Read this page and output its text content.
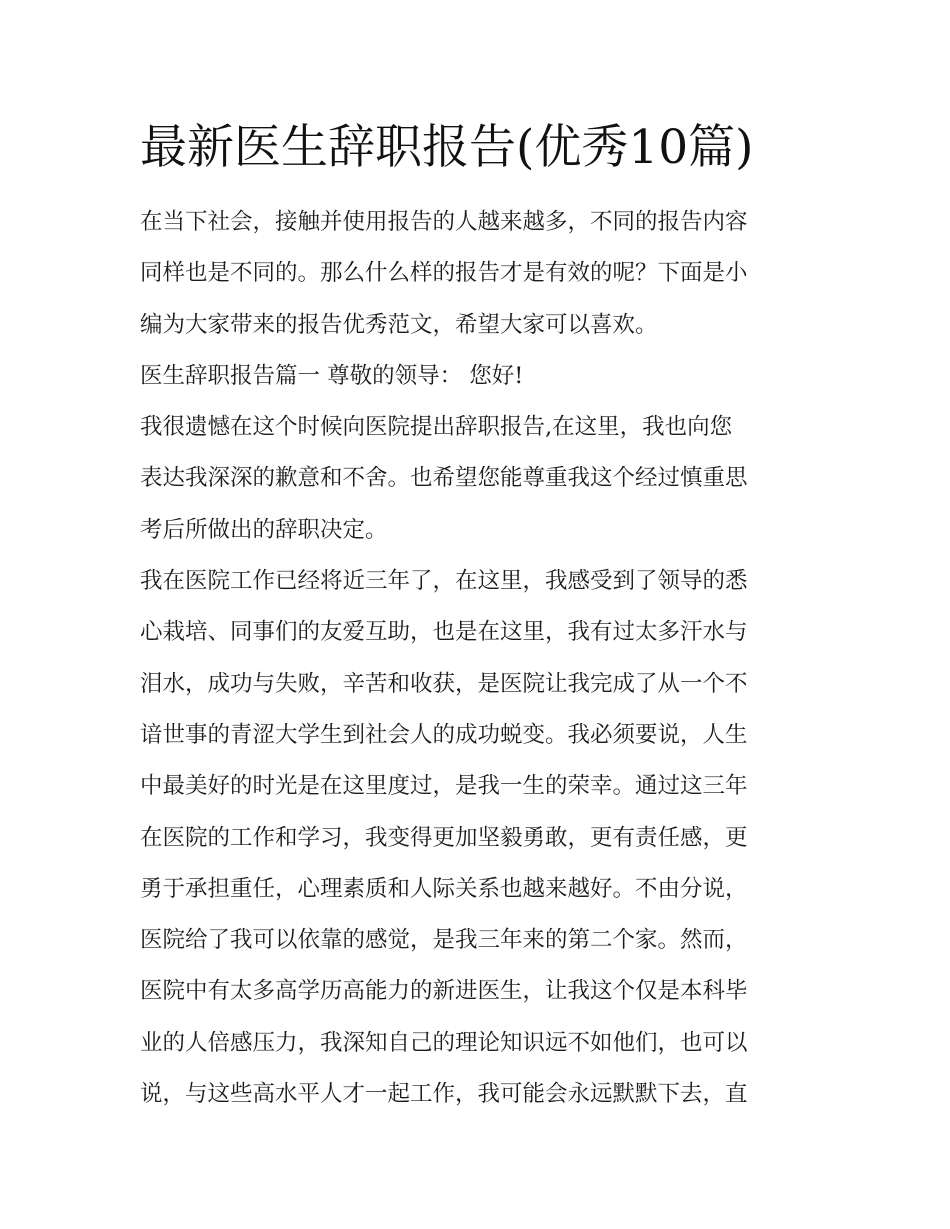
最新医生辞职报告(优秀10篇)
在当下社会，接触并使用报告的人越来越多，不同的报告内容
同样也是不同的。那么什么样的报告才是有效的呢？下面是小
编为大家带来的报告优秀范文，希望大家可以喜欢。
医生辞职报告篇一 尊敬的领导： 您好!
我很遗憾在这个时候向医院提出辞职报告,在这里，我也向您
表达我深深的歉意和不舍。也希望您能尊重我这个经过慎重思
考后所做出的辞职决定。
我在医院工作已经将近三年了，在这里，我感受到了领导的悉
心栽培、同事们的友爱互助，也是在这里，我有过太多汗水与
泪水，成功与失败，辛苦和收获，是医院让我完成了从一个不
谙世事的青涩大学生到社会人的成功蜕变。我必须要说，人生
中最美好的时光是在这里度过，是我一生的荣幸。通过这三年
在医院的工作和学习，我变得更加坚毅勇敢，更有责任感，更
勇于承担重任，心理素质和人际关系也越来越好。不由分说，
医院给了我可以依靠的感觉，是我三年来的第二个家。然而，
医院中有太多高学历高能力的新进医生，让我这个仅是本科毕
业的人倍感压力，我深知自己的理论知识远不如他们，也可以
说，与这些高水平人才一起工作，我可能会永远默默下去，直
